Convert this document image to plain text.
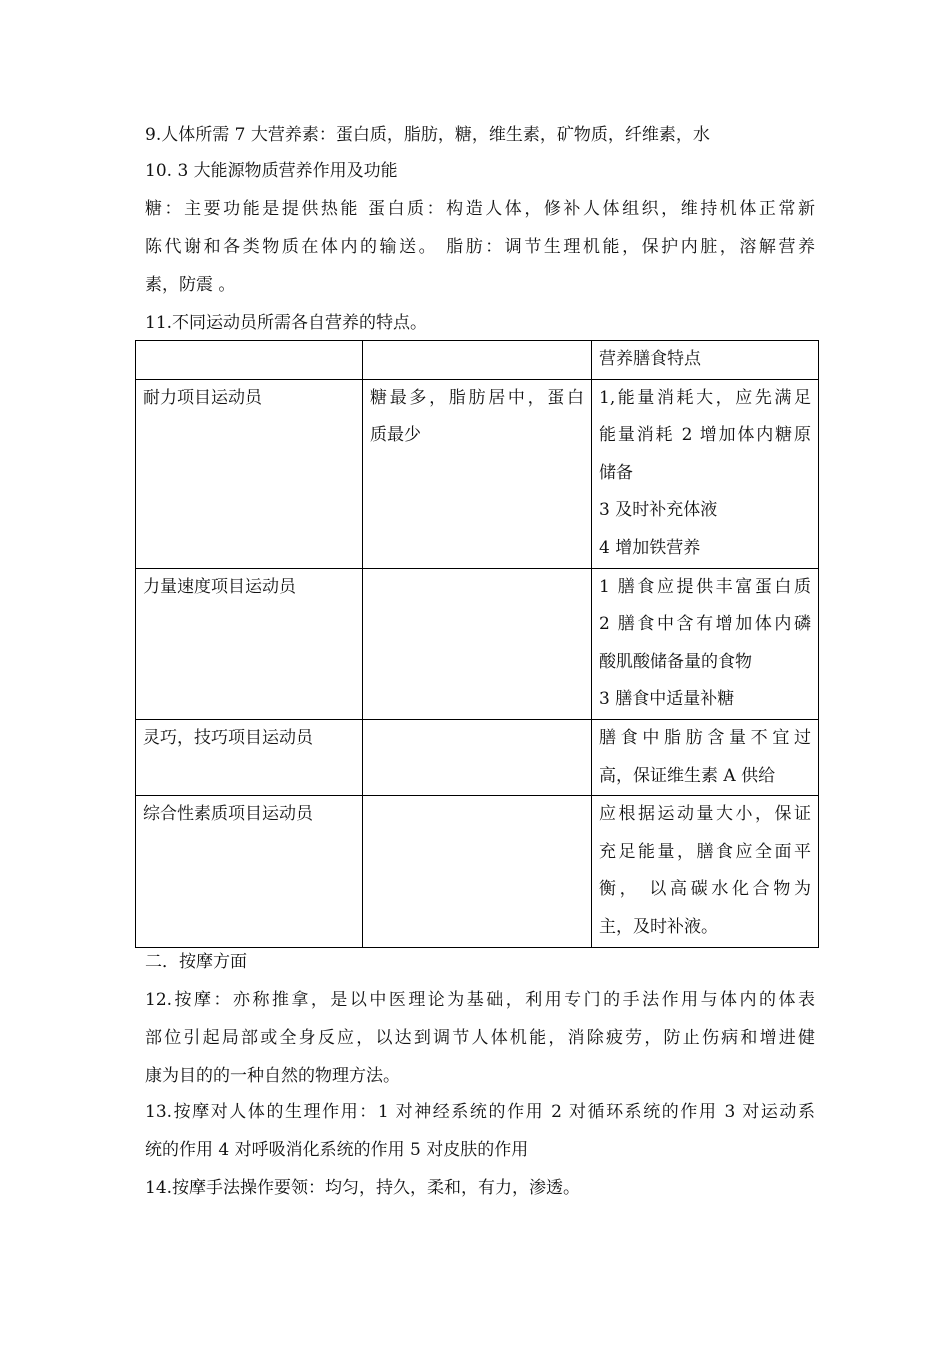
9.人体所需 7 大营养素：蛋白质，脂肪，糖，维生素，矿物质，纤维素，水
10. 3 大能源物质营养作用及功能
糖：主要功能是提供热能 蛋白质：构造人体，修补人体组织，维持机体正常新
陈代谢和各类物质在体内的输送。 脂肪：调节生理机能，保护内脏，溶解营养
素，防震 。
11.不同运动员所需各自营养的特点。
		营养膳食特点
耐力项目运动员	糖最多，脂肪居中，蛋白
质最少	1,能量消耗大，应先满足
能量消耗 2 增加体内糖原
储备
3 及时补充体液
4 增加铁营养

力量速度项目运动员		1 膳食应提供丰富蛋白质
2 膳食中含有增加体内磷
酸肌酸储备量的食物
3 膳食中适量补糖

灵巧，技巧项目运动员		膳食中脂肪含量不宜过
高，保证维生素 A 供给

综合性素质项目运动员		应根据运动量大小，保证
充足能量，膳食应全面平
衡， 以高碳水化合物为
主，及时补液。
二．按摩方面
12.按摩：亦称推拿，是以中医理论为基础，利用专门的手法作用与体内的体表
部位引起局部或全身反应，以达到调节人体机能，消除疲劳，防止伤病和增进健
康为目的的一种自然的物理方法。
13.按摩对人体的生理作用：1 对神经系统的作用 2 对循环系统的作用 3 对运动系
统的作用 4 对呼吸消化系统的作用 5 对皮肤的作用
14.按摩手法操作要领：均匀，持久，柔和，有力，渗透。
